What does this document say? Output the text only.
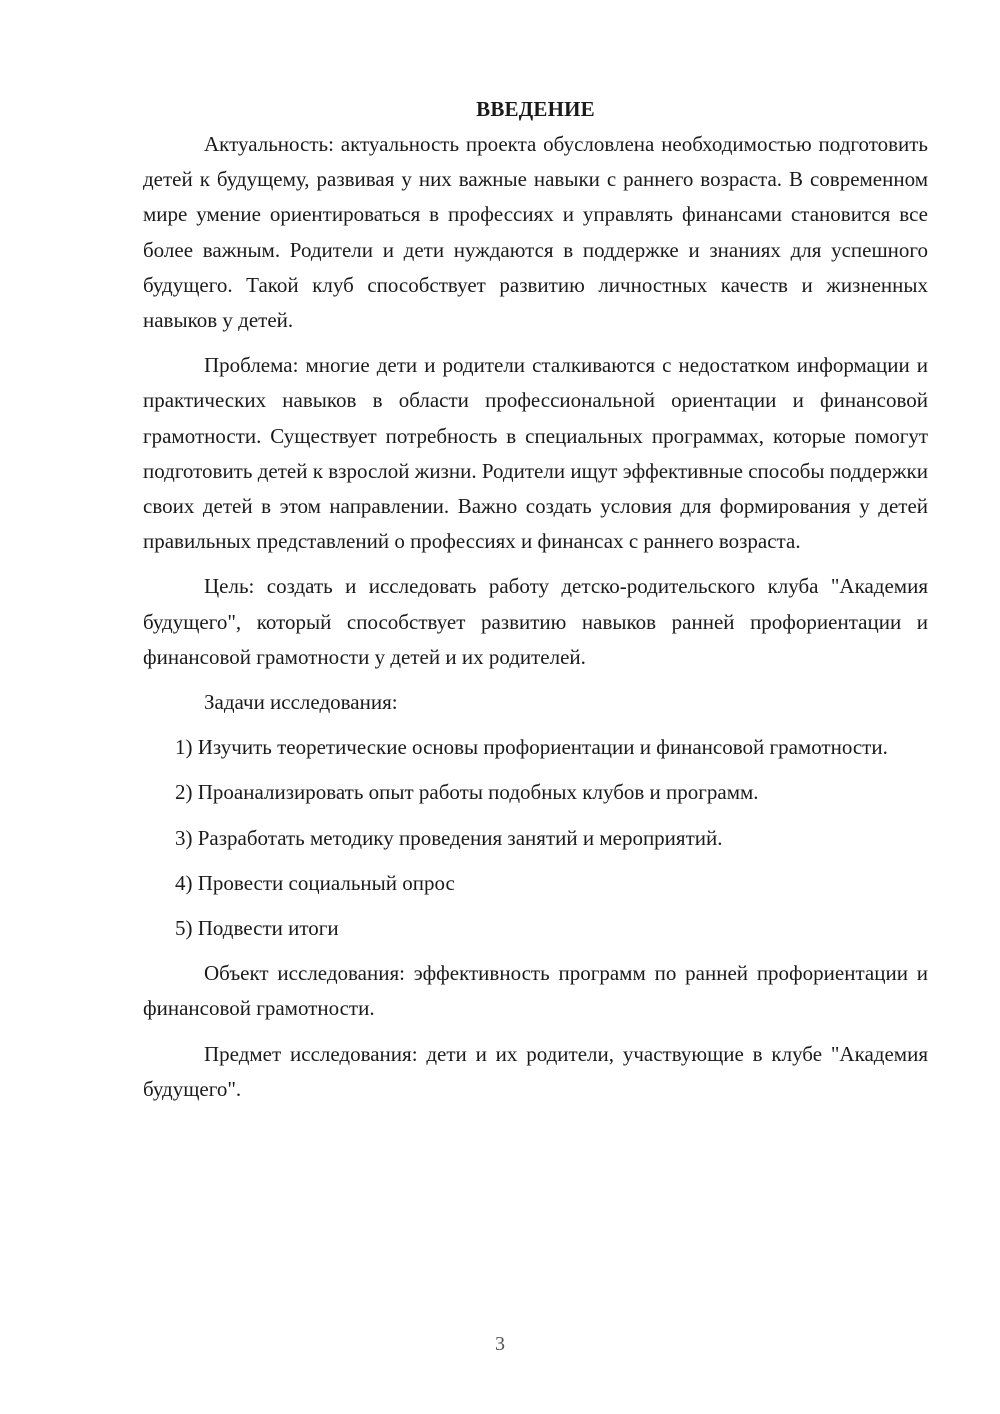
ВВЕДЕНИЕ
Актуальность: актуальность проекта обусловлена необходимостью подготовить детей к будущему, развивая у них важные навыки с раннего возраста. В современном мире умение ориентироваться в профессиях и управлять финансами становится все более важным. Родители и дети нуждаются в поддержке и знаниях для успешного будущего. Такой клуб способствует развитию личностных качеств и жизненных навыков у детей.
Проблема: многие дети и родители сталкиваются с недостатком информации и практических навыков в области профессиональной ориентации и финансовой грамотности. Существует потребность в специальных программах, которые помогут подготовить детей к взрослой жизни. Родители ищут эффективные способы поддержки своих детей в этом направлении. Важно создать условия для формирования у детей правильных представлений о профессиях и финансах с раннего возраста.
Цель: создать и исследовать работу детско-родительского клуба "Академия будущего", который способствует развитию навыков ранней профориентации и финансовой грамотности у детей и их родителей.
Задачи исследования:
1) Изучить теоретические основы профориентации и финансовой грамотности.
2) Проанализировать опыт работы подобных клубов и программ.
3) Разработать методику проведения занятий и мероприятий.
4) Провести социальный опрос
5) Подвести итоги
Объект исследования: эффективность программ по ранней профориентации и финансовой грамотности.
Предмет исследования: дети и их родители, участвующие в клубе "Академия будущего".
3
